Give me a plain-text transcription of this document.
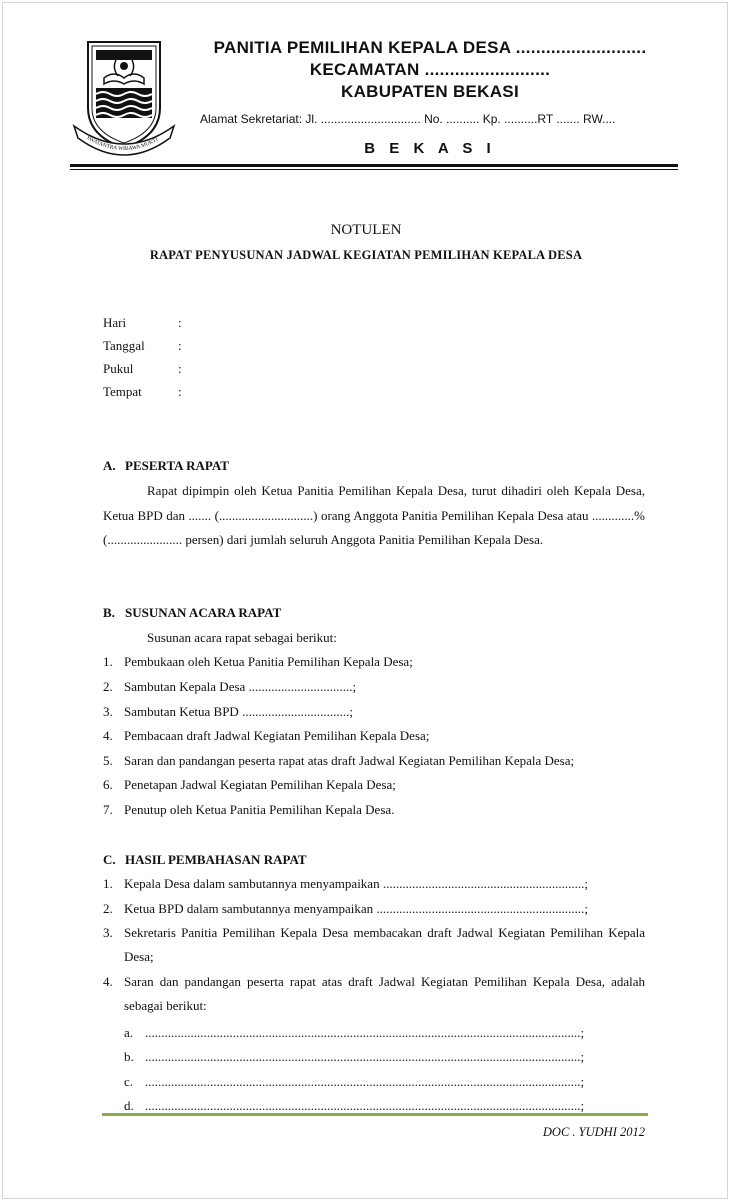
SWATANTRA WIBAWA MUKTI
PANITIA PEMILIHAN KEPALA DESA ..........................
KECAMATAN .........................
KABUPATEN BEKASI
Alamat Sekretariat: Jl. .............................. No. .......... Kp. ..........RT ....... RW....
B E K A S I
NOTULEN
RAPAT PENYUSUNAN JADWAL KEGIATAN PEMILIHAN KEPALA DESA
Hari	:
Tanggal	:
Pukul	:
Tempat	:
A. PESERTA RAPAT

Rapat dipimpin oleh Ketua Panitia Pemilihan Kepala Desa, turut dihadiri oleh Kepala Desa, Ketua BPD dan ....... (.............................) orang Anggota Panitia Pemilihan Kepala Desa atau .............% (....................... persen) dari jumlah seluruh Anggota Panitia Pemilihan Kepala Desa.

B. SUSUNAN ACARA RAPAT
Susunan acara rapat sebagai berikut:
1. Pembukaan oleh Ketua Panitia Pemilihan Kepala Desa;
2. Sambutan Kepala Desa ................................;
3. Sambutan Ketua BPD .................................;
4. Pembacaan draft Jadwal Kegiatan Pemilihan Kepala Desa;
5. Saran dan pandangan peserta rapat atas draft Jadwal Kegiatan Pemilihan Kepala Desa;
6. Penetapan Jadwal Kegiatan Pemilihan Kepala Desa;
7. Penutup oleh Ketua Panitia Pemilihan Kepala Desa.
C. HASIL PEMBAHASAN RAPAT
1. Kepala Desa dalam sambutannya menyampaikan ..............................................................;
2. Ketua BPD dalam sambutannya menyampaikan ................................................................;
3. Sekretaris Panitia Pemilihan Kepala Desa membacakan draft Jadwal Kegiatan Pemilihan Kepala Desa;
4. Saran dan pandangan peserta rapat atas draft Jadwal Kegiatan Pemilihan Kepala Desa, adalah sebagai berikut:
a. ......................................................................................................................................;
b. ......................................................................................................................................;
c. ......................................................................................................................................;
d. ......................................................................................................................................;
DOC . YUDHI 2012
